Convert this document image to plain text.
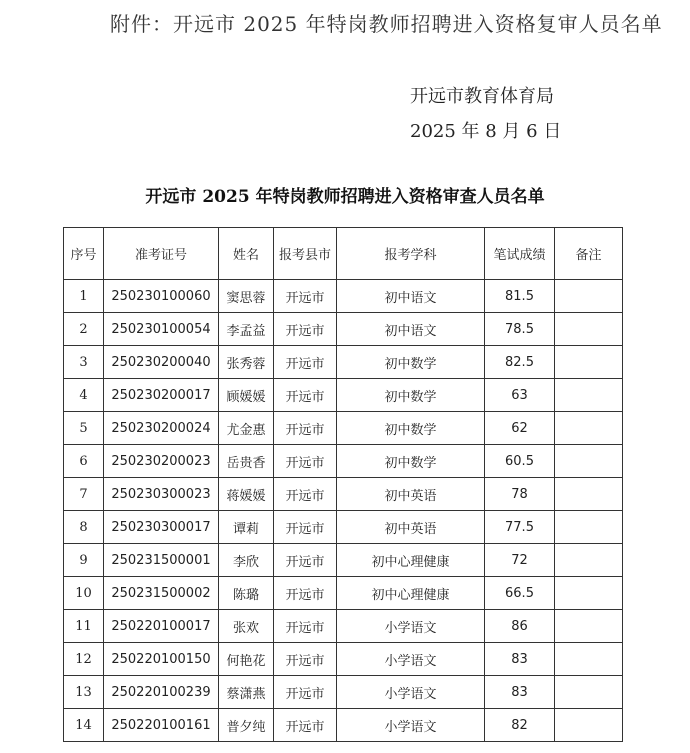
附件：开远市 2025 年特岗教师招聘进入资格复审人员名单
开远市教育体育局
2025 年 8 月 6 日
开远市 2025 年特岗教师招聘进入资格审查人员名单
序号	准考证号	姓名	报考县市	报考学科	笔试成绩	备注
1	250230100060	窦思蓉	开远市	初中语文	81.5	
2	250230100054	李孟益	开远市	初中语文	78.5	
3	250230200040	张秀蓉	开远市	初中数学	82.5	
4	250230200017	顾媛媛	开远市	初中数学	63	
5	250230200024	尤金惠	开远市	初中数学	62	
6	250230200023	岳贵香	开远市	初中数学	60.5	
7	250230300023	蒋媛媛	开远市	初中英语	78	
8	250230300017	谭莉	开远市	初中英语	77.5	
9	250231500001	李欣	开远市	初中心理健康	72	
10	250231500002	陈璐	开远市	初中心理健康	66.5	
11	250220100017	张欢	开远市	小学语文	86	
12	250220100150	何艳花	开远市	小学语文	83	
13	250220100239	蔡潇燕	开远市	小学语文	83	
14	250220100161	普夕纯	开远市	小学语文	82	
